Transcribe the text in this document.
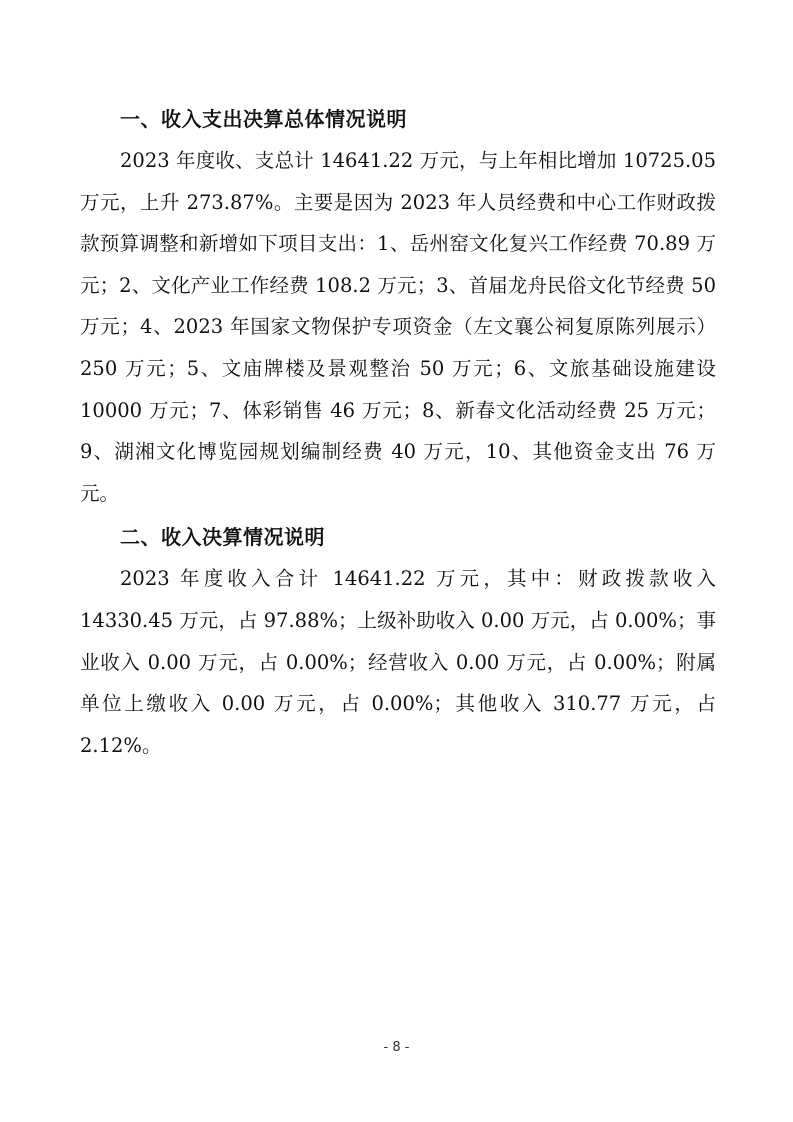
一、收入支出决算总体情况说明

2023 年度收、支总计 14641.22 万元，与上年相比增加 10725.05 万元，上升 273.87%。主要是因为 2023 年人员经费和中心工作财政拨款预算调整和新增如下项目支出：1、岳州窑文化复兴工作经费 70.89 万元；2、文化产业工作经费 108.2 万元；3、首届龙舟民俗文化节经费 50 万元；4、2023 年国家文物保护专项资金（左文襄公祠复原陈列展示）250 万元；5、文庙牌楼及景观整治 50 万元；6、文旅基础设施建设 10000 万元；7、体彩销售 46 万元；8、新春文化活动经费 25 万元；9、湖湘文化博览园规划编制经费 40 万元，10、其他资金支出 76 万元。

二、收入决算情况说明

2023 年度收入合计 14641.22 万元，其中：财政拨款收入 14330.45 万元，占 97.88%；上级补助收入 0.00 万元，占 0.00%；事业收入 0.00 万元，占 0.00%；经营收入 0.00 万元，占 0.00%；附属单位上缴收入 0.00 万元，占 0.00%；其他收入 310.77 万元，占 2.12%。

- 8 -
